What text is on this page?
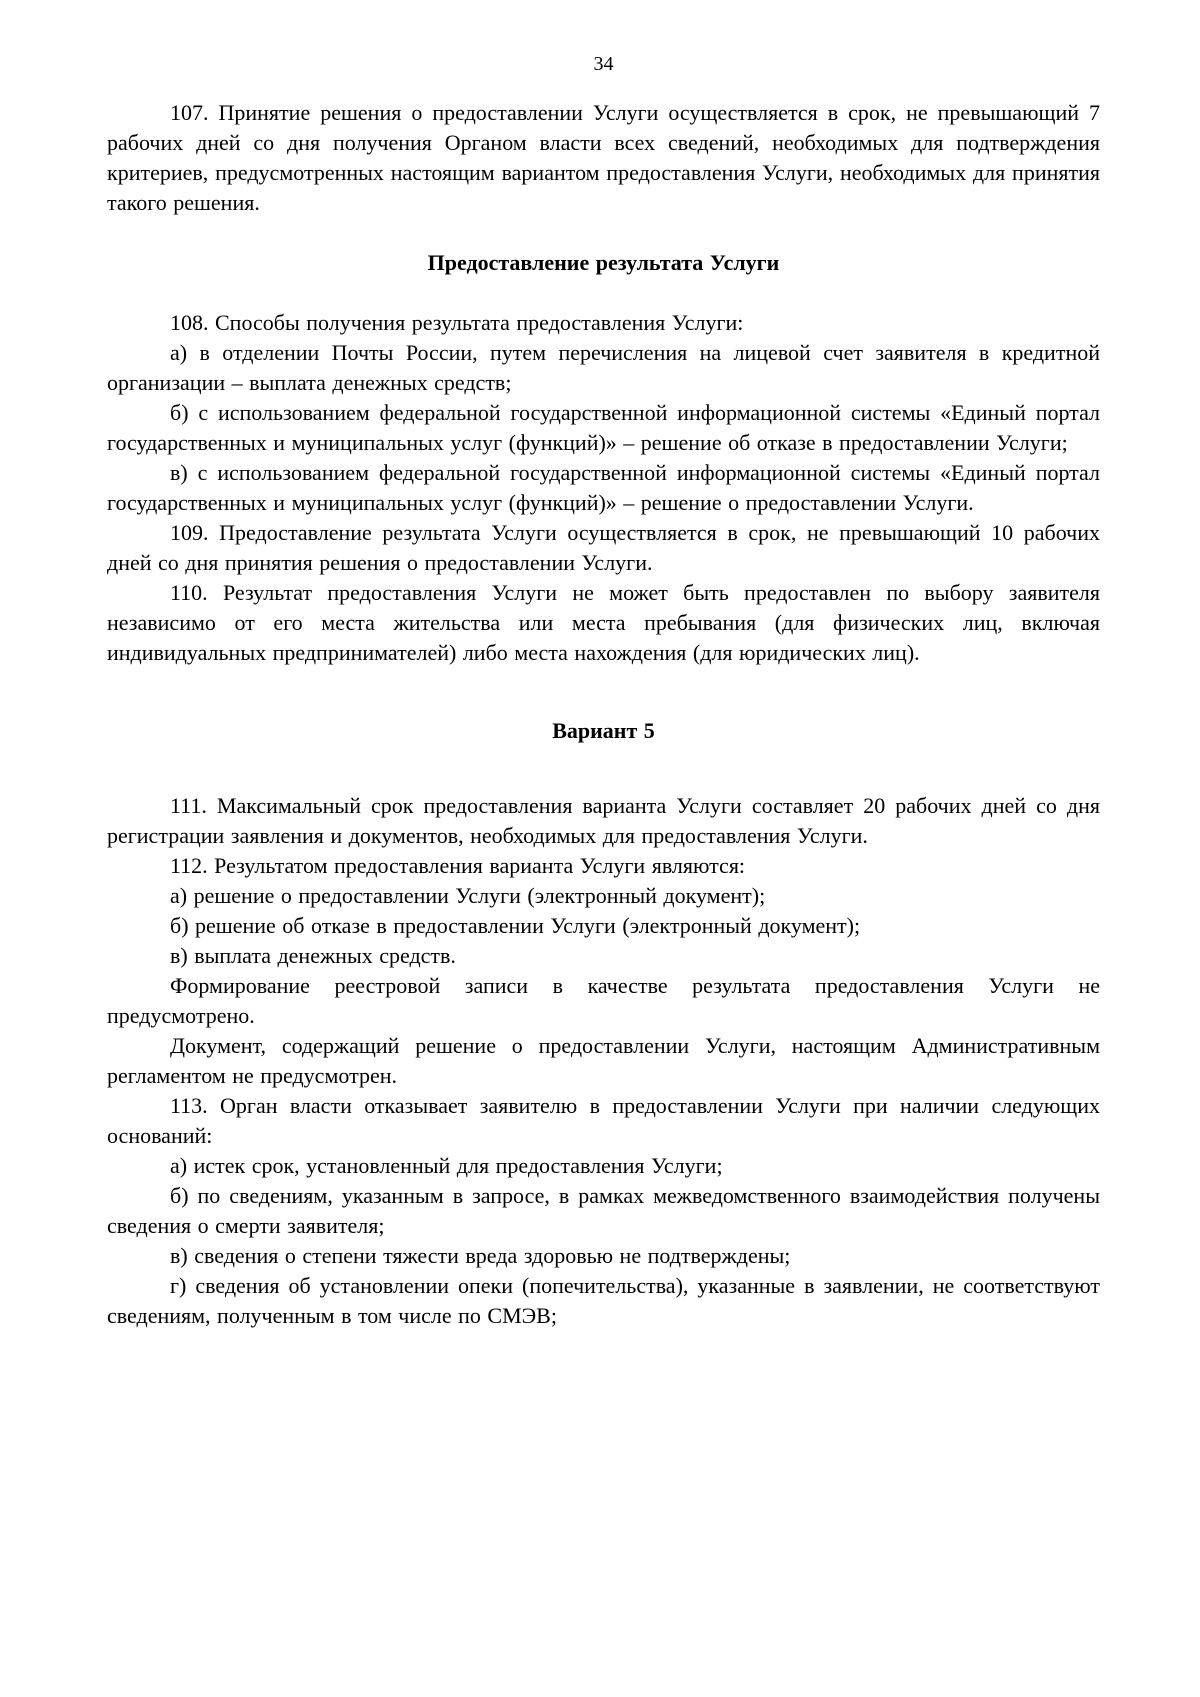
34

107. Принятие решения о предоставлении Услуги осуществляется в срок, не превышающий 7 рабочих дней со дня получения Органом власти всех сведений, необходимых для подтверждения критериев, предусмотренных настоящим вариантом предоставления Услуги, необходимых для принятия такого решения.

Предоставление результата Услуги

108. Способы получения результата предоставления Услуги:

а) в отделении Почты России, путем перечисления на лицевой счет заявителя в кредитной организации – выплата денежных средств;

б) с использованием федеральной государственной информационной системы «Единый портал государственных и муниципальных услуг (функций)» – решение об отказе в предоставлении Услуги;

в) с использованием федеральной государственной информационной системы «Единый портал государственных и муниципальных услуг (функций)» – решение о предоставлении Услуги.

109. Предоставление результата Услуги осуществляется в срок, не превышающий 10 рабочих дней со дня принятия решения о предоставлении Услуги.

110. Результат предоставления Услуги не может быть предоставлен по выбору заявителя независимо от его места жительства или места пребывания (для физических лиц, включая индивидуальных предпринимателей) либо места нахождения (для юридических лиц).

Вариант 5

111. Максимальный срок предоставления варианта Услуги составляет 20 рабочих дней со дня регистрации заявления и документов, необходимых для предоставления Услуги.

112. Результатом предоставления варианта Услуги являются:

а) решение о предоставлении Услуги (электронный документ);

б) решение об отказе в предоставлении Услуги (электронный документ);

в) выплата денежных средств.

Формирование реестровой записи в качестве результата предоставления Услуги не предусмотрено.

Документ, содержащий решение о предоставлении Услуги, настоящим Административным регламентом не предусмотрен.

113. Орган власти отказывает заявителю в предоставлении Услуги при наличии следующих оснований:

а) истек срок, установленный для предоставления Услуги;

б) по сведениям, указанным в запросе, в рамках межведомственного взаимодействия получены сведения о смерти заявителя;

в) сведения о степени тяжести вреда здоровью не подтверждены;

г) сведения об установлении опеки (попечительства), указанные в заявлении, не соответствуют сведениям, полученным в том числе по СМЭВ;
